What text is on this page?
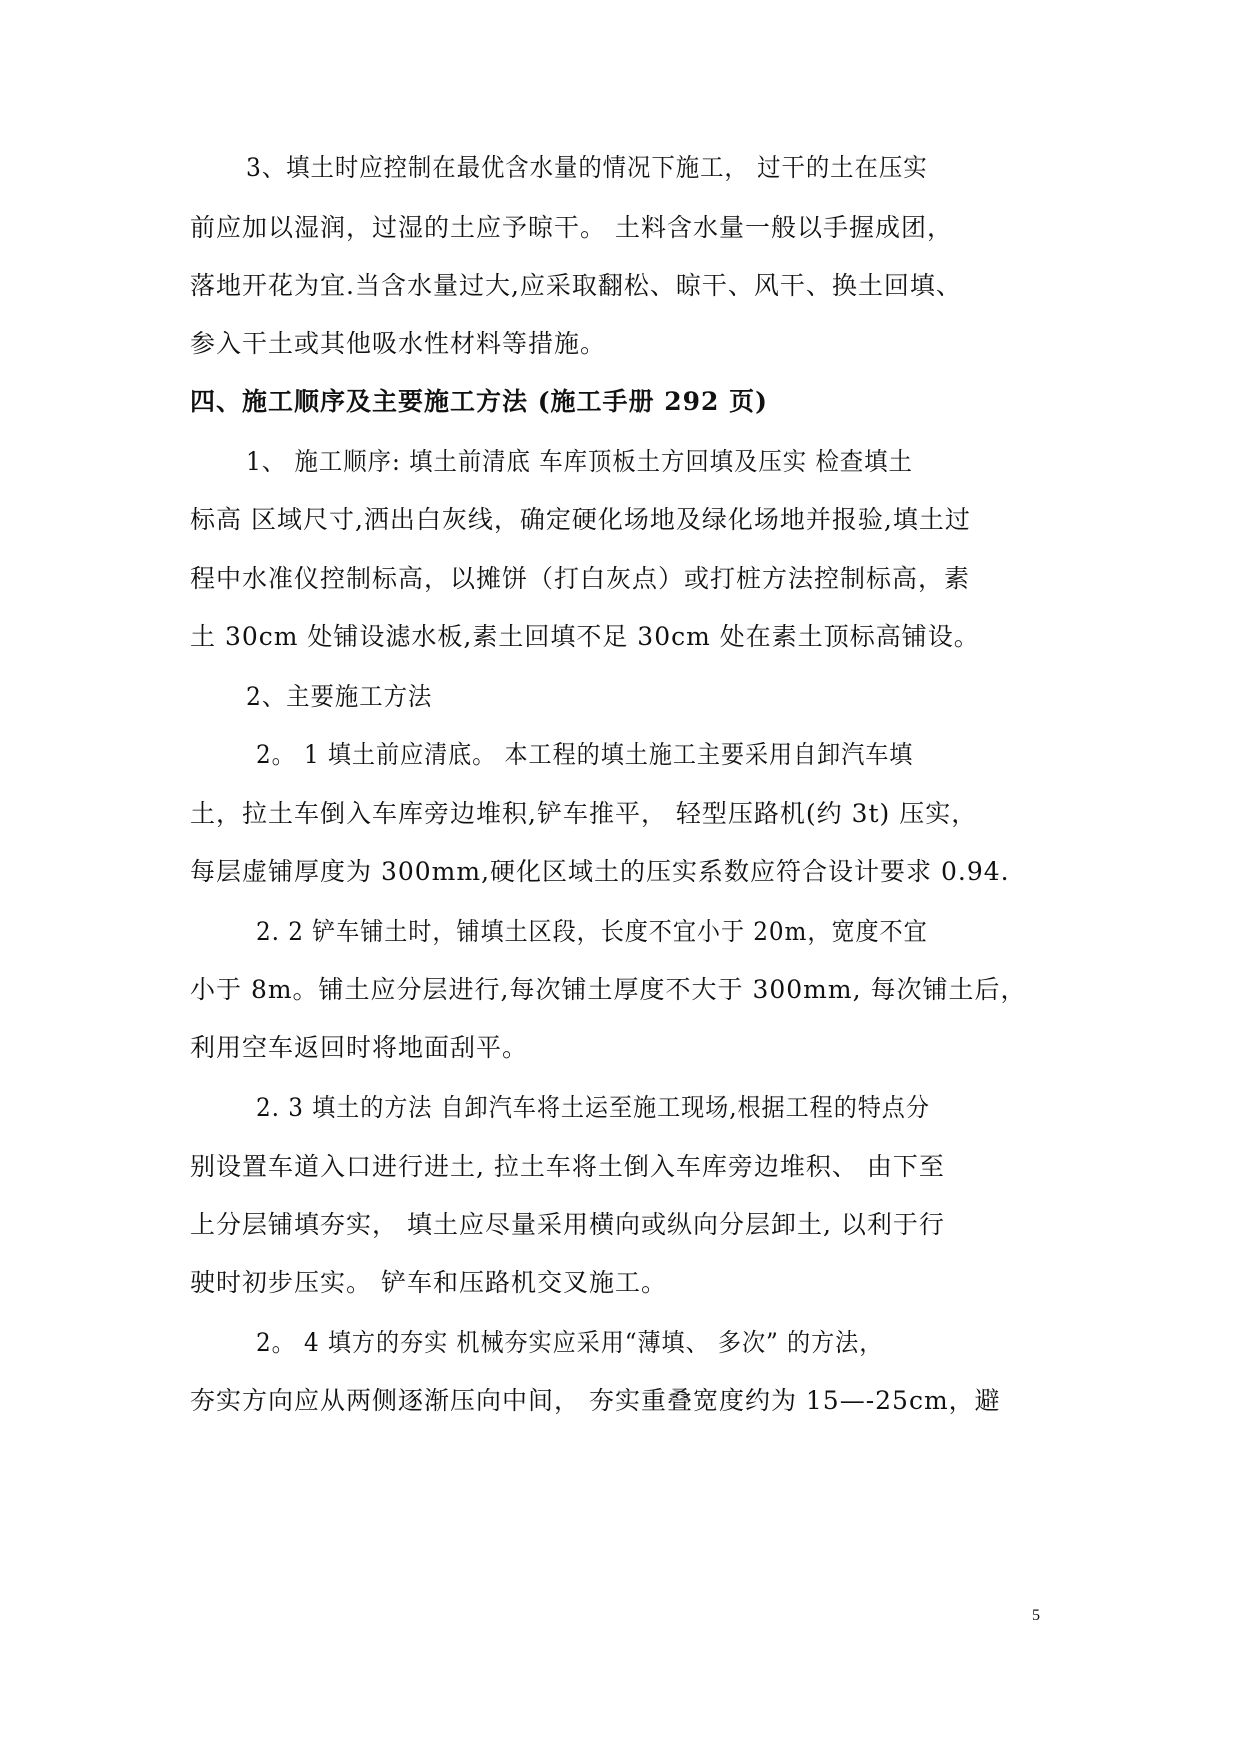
3、填土时应控制在最优含水量的情况下施工， 过干的土在压实
前应加以湿润，过湿的土应予晾干。 土料含水量一般以手握成团，
落地开花为宜.当含水量过大,应采取翻松、晾干、风干、换土回填、
参入干土或其他吸水性材料等措施。
四、施工顺序及主要施工方法 (施工手册 292 页)
1、 施工顺序: 填土前清底 车库顶板土方回填及压实 检查填土
标高 区域尺寸,洒出白灰线，确定硬化场地及绿化场地并报验,填土过
程中水准仪控制标高，以摊饼（打白灰点）或打桩方法控制标高，素
土 30cm 处铺设滤水板,素土回填不足 30cm 处在素土顶标高铺设。
2、主要施工方法
2。 1 填土前应清底。 本工程的填土施工主要采用自卸汽车填
土，拉土车倒入车库旁边堆积,铲车推平， 轻型压路机(约 3t) 压实，
每层虚铺厚度为 300mm,硬化区域土的压实系数应符合设计要求 0.94.
2. 2 铲车铺土时，铺填土区段，长度不宜小于 20m，宽度不宜
小于 8m。铺土应分层进行,每次铺土厚度不大于 300mm, 每次铺土后，
利用空车返回时将地面刮平。
2. 3 填土的方法 自卸汽车将土运至施工现场,根据工程的特点分
别设置车道入口进行进土, 拉土车将土倒入车库旁边堆积、 由下至
上分层铺填夯实， 填土应尽量采用横向或纵向分层卸土, 以利于行
驶时初步压实。 铲车和压路机交叉施工。
2。 4 填方的夯实 机械夯实应采用“薄填、 多次” 的方法，
夯实方向应从两侧逐渐压向中间， 夯实重叠宽度约为 15—-25cm，避
5
